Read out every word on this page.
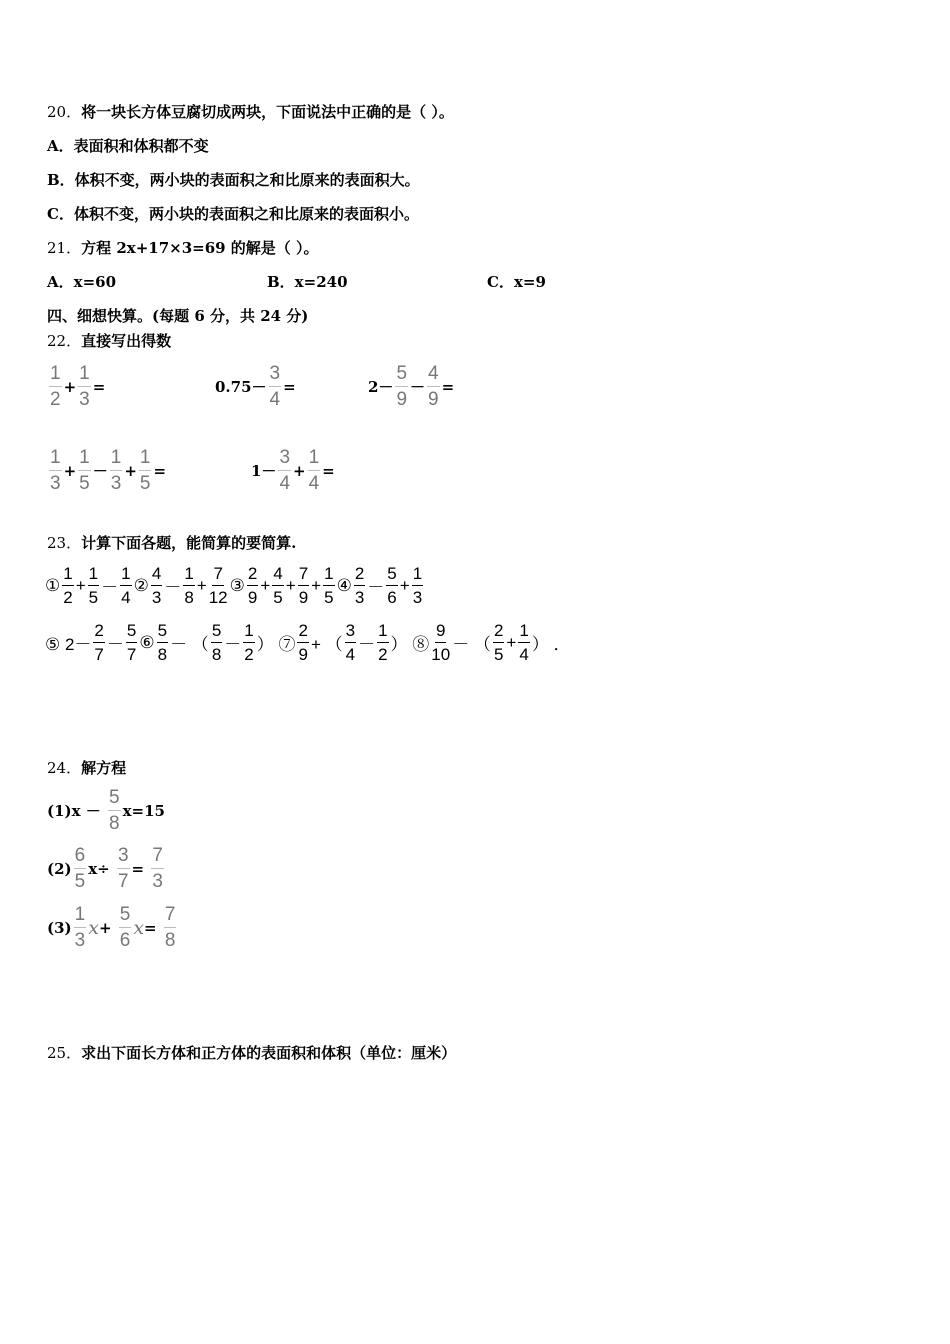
20．将一块长方体豆腐切成两块，下面说法中正确的是（ ）。
A．表面积和体积都不变
B．体积不变，两小块的表面积之和比原来的表面积大。
C．体积不变，两小块的表面积之和比原来的表面积小。
21．方程 2x+17×3=69 的解是（ ）。
A．x=60	B．x=240	C．x=9
四、细想快算。(每题 6 分，共 24 分)
22．直接写出得数
$\frac{1}{2} + \frac{1}{3}$ =	$0.75- \frac{3}{4}$ =	$2- \frac{5}{9} - \frac{4}{9}$ =
$\frac{1}{3} + \frac{1}{5} - \frac{1}{3} + \frac{1}{5}$ =	$1- \frac{3}{4} + \frac{1}{4}$ =
23．计算下面各题，能简算的要简算.
① $\frac{1}{2} + \frac{1}{5} - \frac{1}{4}$ ② $\frac{4}{3} - \frac{1}{8} + \frac{7}{12}$ ③ $\frac{2}{9} + \frac{4}{5} + \frac{7}{9} + \frac{1}{5}$ ④ $\frac{2}{3} - \frac{5}{6} + \frac{1}{3}$
⑤ $2- \frac{2}{7} - \frac{5}{7}$ ⑥ $\frac{5}{8}$ － （ $\frac{5}{8} - \frac{1}{2}$ ） ⑦ $\frac{2}{9}$ + （ $\frac{3}{4} - \frac{1}{2}$ ） ⑧ $\frac{9}{10}$ － （ $\frac{2}{5} + \frac{1}{4}$ ） ．
24．解方程
$(1)x - \frac{5}{8} x=15$
$(2) \frac{6}{5} x\div \frac{3}{7} = \frac{7}{3}$
$(3) \frac{1}{3}$ $x + \frac{5}{6}$ $x = \frac{7}{8}$
25．求出下面长方体和正方体的表面积和体积（单位：厘米）
